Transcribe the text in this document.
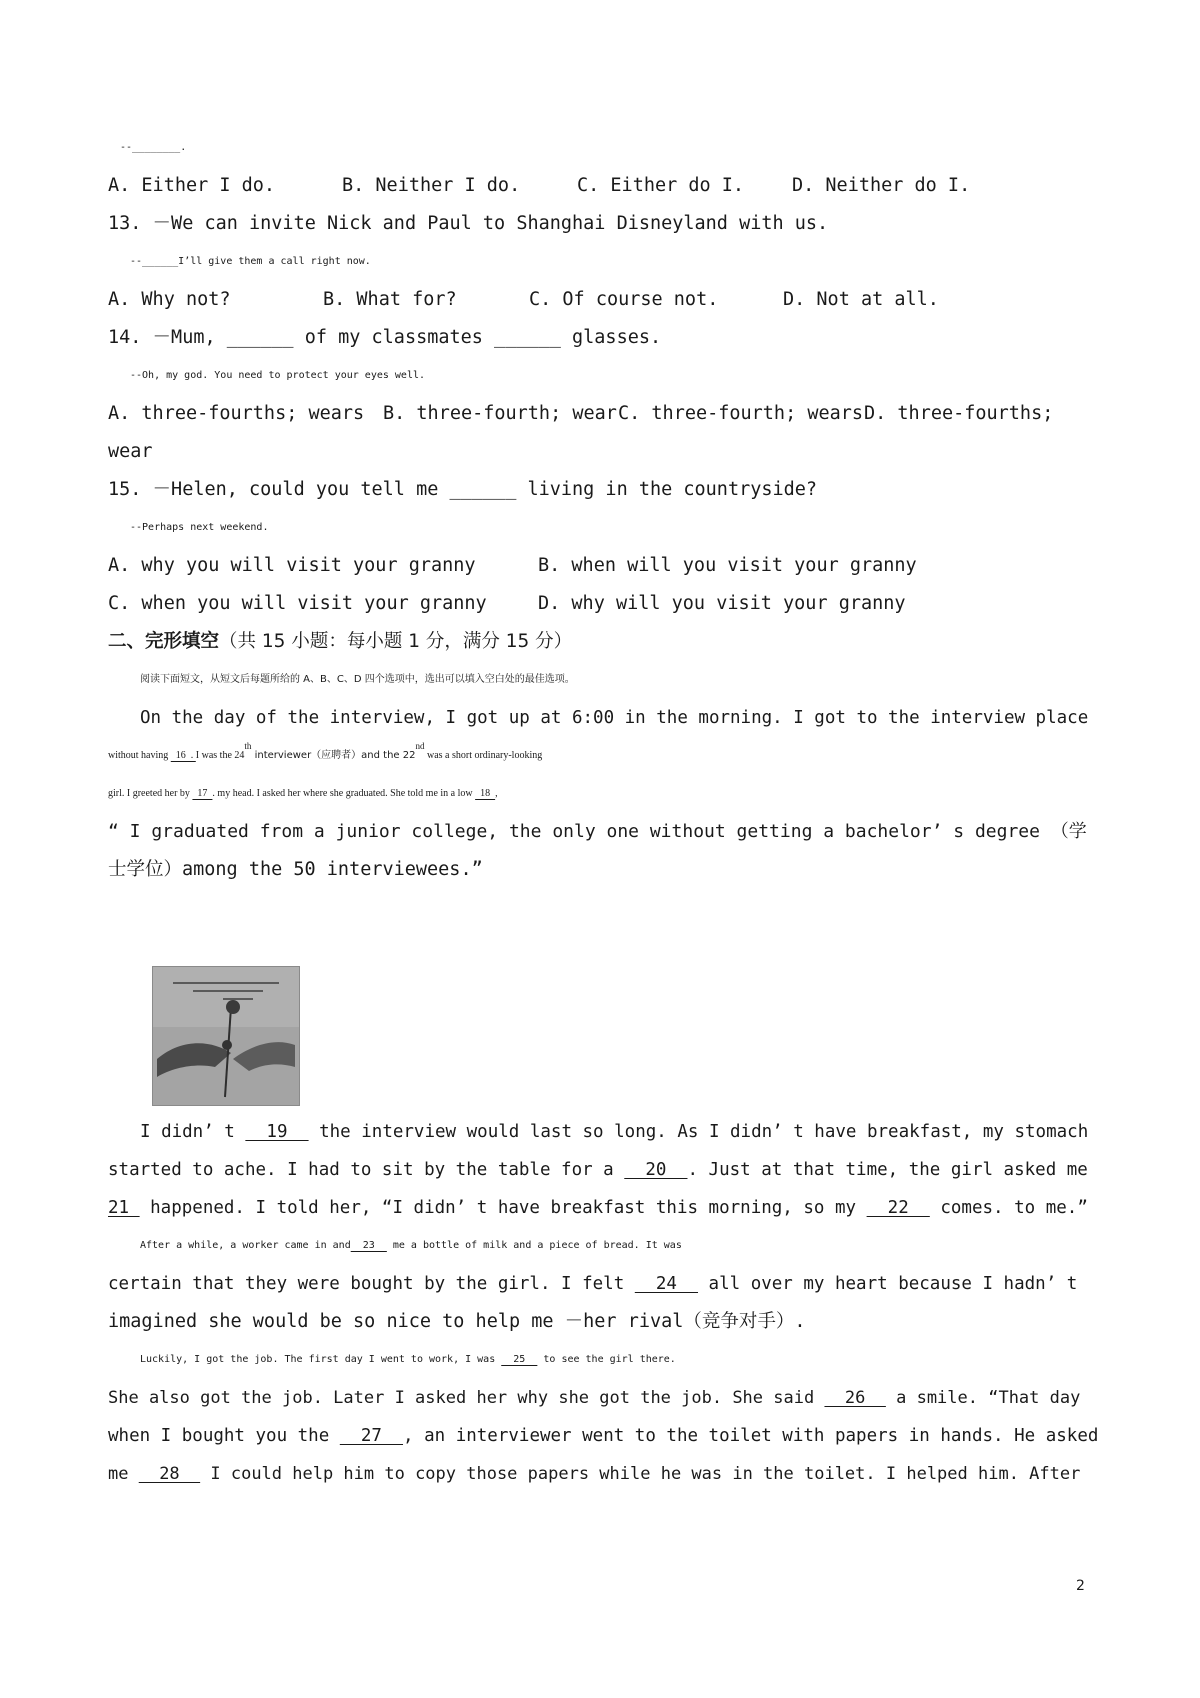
--________.

A. Either I do.

	B. Neither I do.

	C. Either do I.

	D. Neither do I.

13. －We can invite Nick and Paul to Shanghai Disneyland with us.
--______I’ll give them a call right now.

A. Why not?

	B. What for?

	C. Of course not.

	D. Not at all.

14. －Mum, ______ of my classmates ______ glasses.
--Oh, my god. You need to protect your eyes well.

A. three-fourths; wears

B. three-fourth; wear

C. three-fourth; wears

D. three-fourths;

wear
15. －Helen, could you tell me ______ living in the countryside?
--Perhaps next weekend.

A. why you will visit your granny

	B. when will you visit your granny

C. when you will visit your granny

	D. why will you visit your granny

二、完形填空（共 15 小题：每小题 1 分，满分 15 分）
阅读下面短文，从短文后每题所给的 A、B、C、D 四个选项中，选出可以填入空白处的最佳选项。
On the day of the interview, I got up at 6:00 in the morning. I got to the interview place
without having   16  . I was the 24th interviewer（应聘者）and the 22nd was a short ordinary-looking
girl. I greeted her by   17  . my head. I asked her where she graduated. She told me in a low   18  ,
“ I graduated from a junior college, the only one without getting a bachelor’ s degree （学
士学位）among the 50 interviewees.”
I didn’ t   19   the interview would last so long. As I didn’ t have breakfast, my stomach
started to ache. I had to sit by the table for a   20  . Just at that time, the girl asked me
21  happened. I told her, “I didn’ t have breakfast this morning, so my   22   comes. to me.”
After a while, a worker came in and  23   me a bottle of milk and a piece of bread. It was
certain that they were bought by the girl. I felt   24   all over my heart because I hadn’ t
imagined she would be so nice to help me －her rival（竞争对手）.
Luckily, I got the job. The first day I went to work, I was   25   to see the girl there.
She also got the job. Later I asked her why she got the job. She said   26   a smile. “That day
when I bought you the   27  , an interviewer went to the toilet with papers in hands. He asked
me   28   I could help him to copy those papers while he was in the toilet. I helped him. After
2
